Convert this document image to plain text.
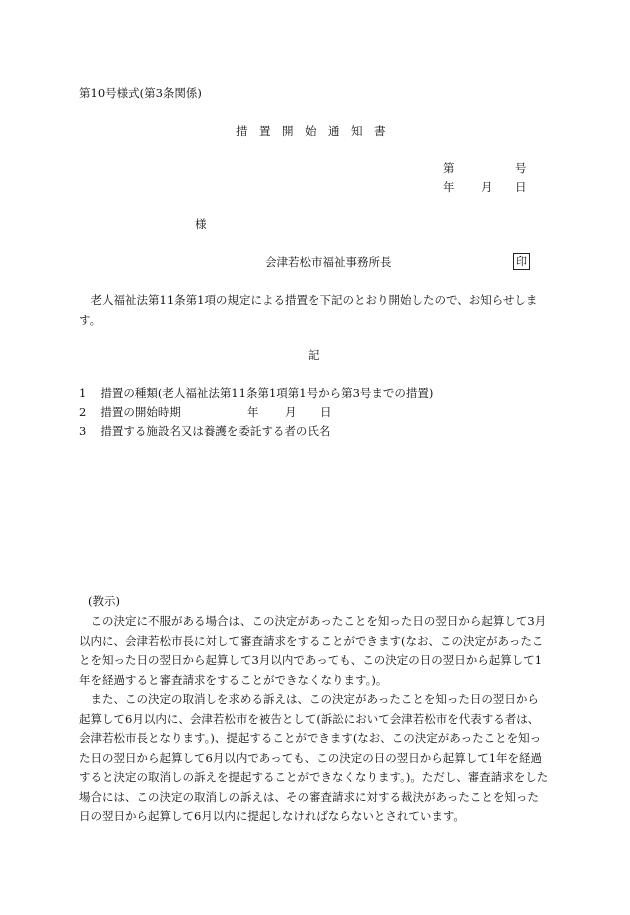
第10号様式(第3条関係)
措　置　開　始　通　知　書
第	号
年 月 日
様
会津若松市福祉事務所長	印

老人福祉法第11条第1項の規定による措置を下記のとおり開始したので、お知らせします。

記
1 措置の種類(老人福祉法第11条第1項第1号から第3号までの措置)
2 措置の開始時期	年 月 日
3 措置する施設名又は養護を委託する者の氏名
(教示)

この決定に不服がある場合は、この決定があったことを知った日の翌日から起算して3月以内に、会津若松市長に対して審査請求をすることができます(なお、この決定があったことを知った日の翌日から起算して3月以内であっても、この決定の日の翌日から起算して1年を経過すると審査請求をすることができなくなります。)。

また、この決定の取消しを求める訴えは、この決定があったことを知った日の翌日から起算して6月以内に、会津若松市を被告として(訴訟において会津若松市を代表する者は、会津若松市長となります。)、提起することができます(なお、この決定があったことを知った日の翌日から起算して6月以内であっても、この決定の日の翌日から起算して1年を経過すると決定の取消しの訴えを提起することができなくなります。)。ただし、審査請求をした場合には、この決定の取消しの訴えは、その審査請求に対する裁決があったことを知った日の翌日から起算して6月以内に提起しなければならないとされています。
